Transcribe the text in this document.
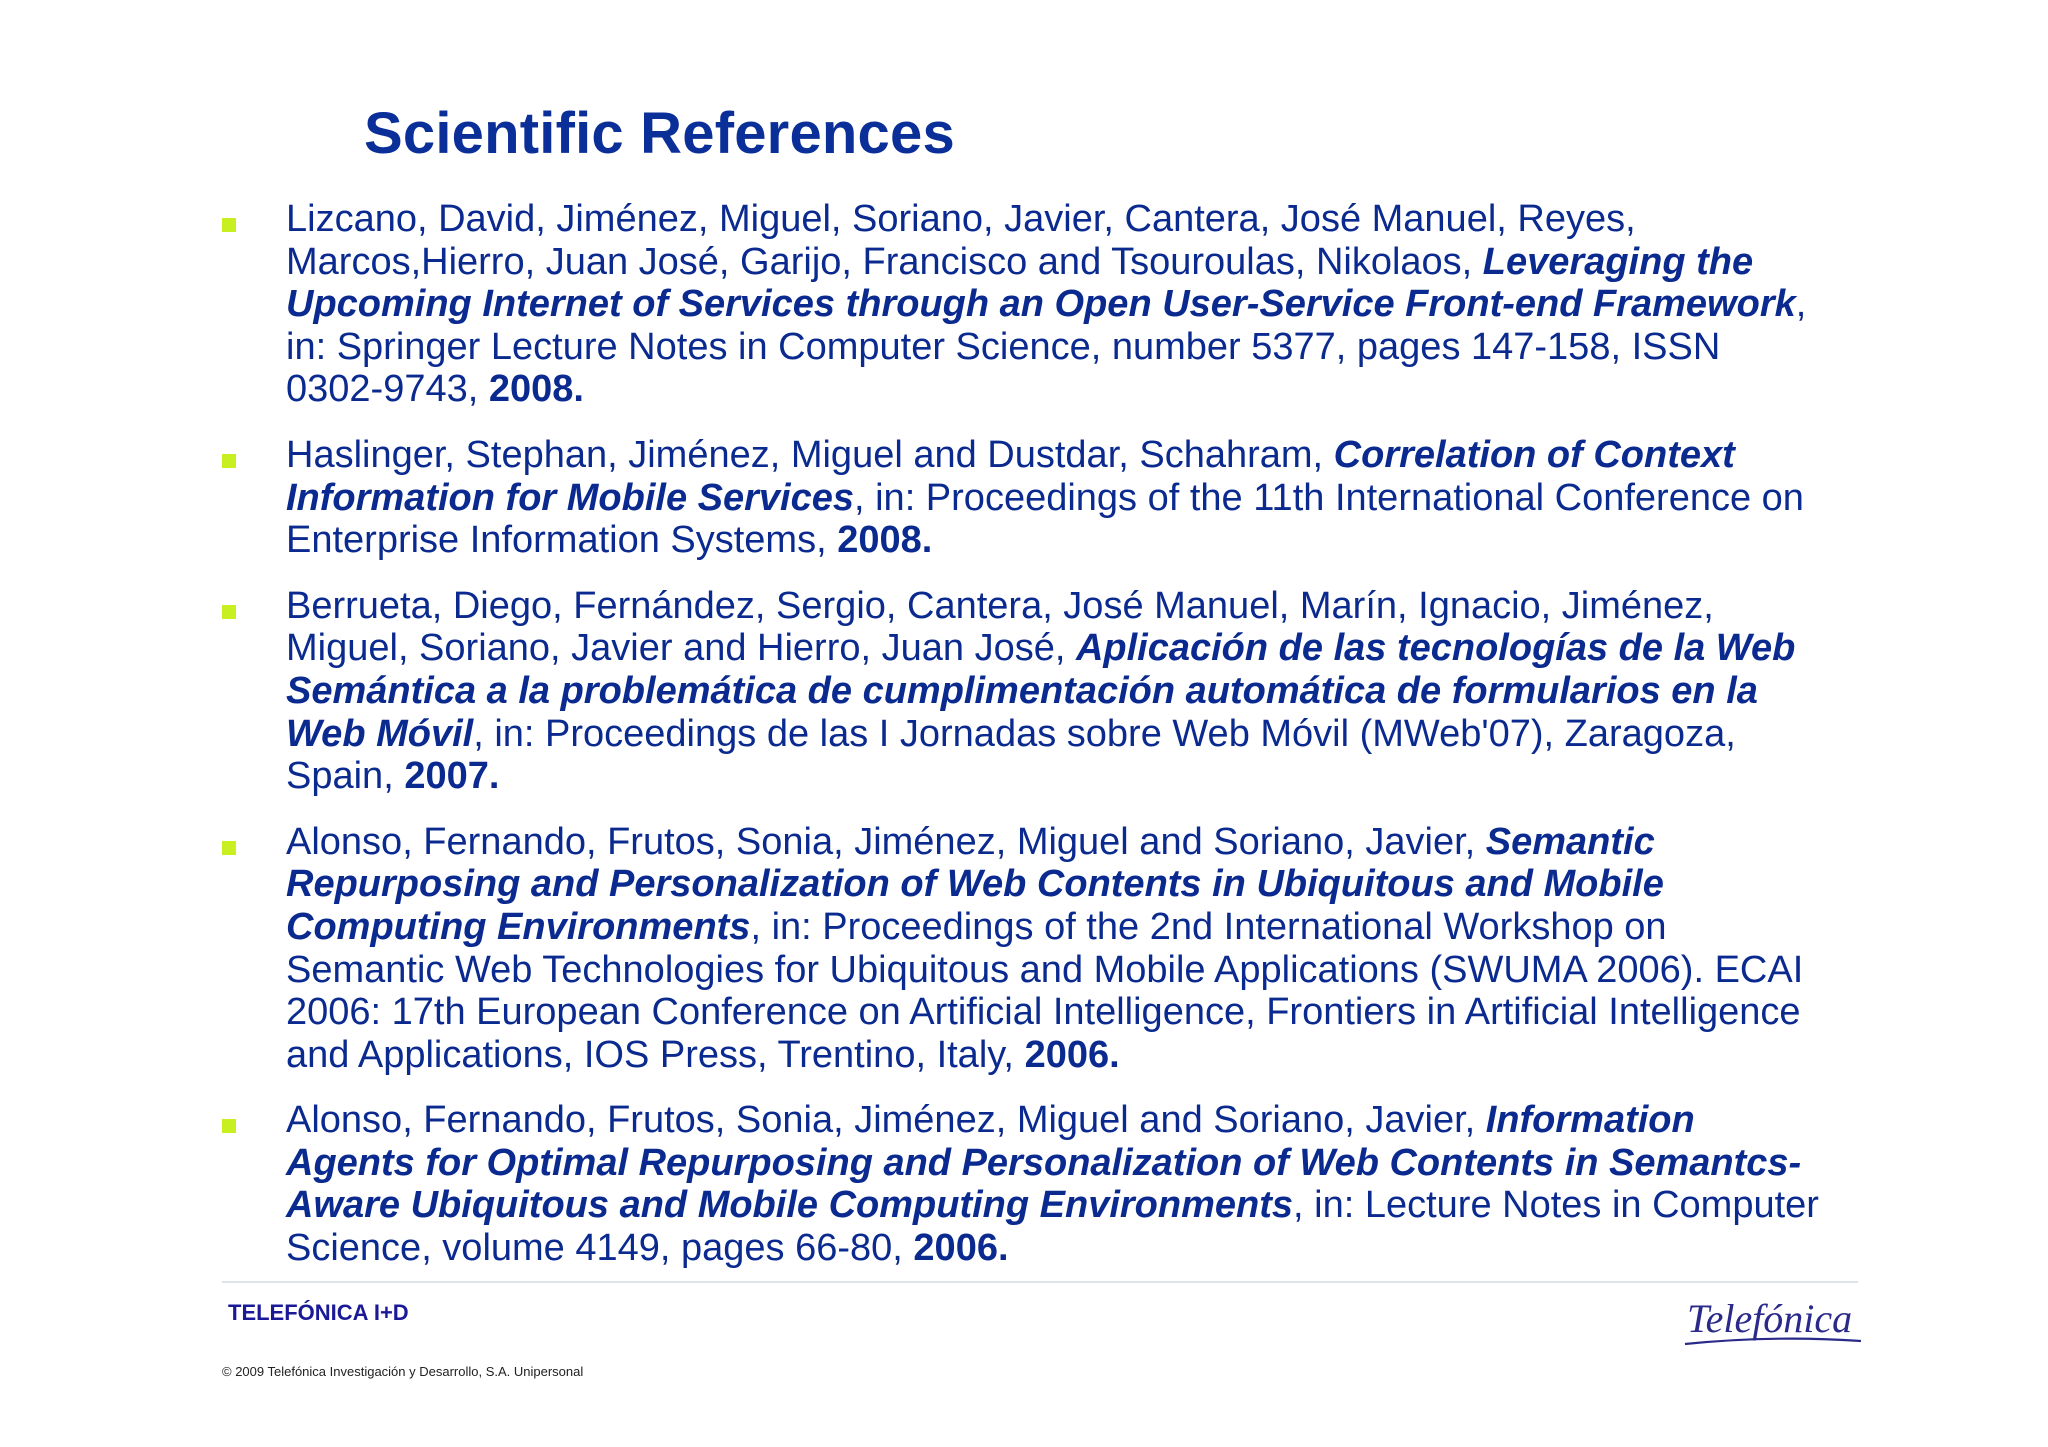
Scientific References
Lizcano, David, Jiménez, Miguel, Soriano, Javier, Cantera, José Manuel, Reyes, Marcos,Hierro, Juan José, Garijo, Francisco and Tsouroulas, Nikolaos, Leveraging the Upcoming Internet of Services through an Open User-Service Front-end Framework, in: Springer Lecture Notes in Computer Science, number 5377, pages 147-158, ISSN 0302-9743, 2008.
Haslinger, Stephan, Jiménez, Miguel and Dustdar, Schahram, Correlation of Context Information for Mobile Services, in: Proceedings of the 11th International Conference on Enterprise Information Systems, 2008.
Berrueta, Diego, Fernández, Sergio, Cantera, José Manuel, Marín, Ignacio, Jiménez, Miguel, Soriano, Javier and Hierro, Juan José, Aplicación de las tecnologías de la Web Semántica a la problemática de cumplimentación automática de formularios en la Web Móvil, in: Proceedings de las I Jornadas sobre Web Móvil (MWeb'07), Zaragoza, Spain, 2007.
Alonso, Fernando, Frutos, Sonia, Jiménez, Miguel and Soriano, Javier, Semantic Repurposing and Personalization of Web Contents in Ubiquitous and Mobile Computing Environments, in: Proceedings of the 2nd International Workshop on Semantic Web Technologies for Ubiquitous and Mobile Applications (SWUMA 2006). ECAI 2006: 17th European Conference on Artificial Intelligence, Frontiers in Artificial Intelligence and Applications, IOS Press, Trentino, Italy, 2006.
Alonso, Fernando, Frutos, Sonia, Jiménez, Miguel and Soriano, Javier, Information Agents for Optimal Repurposing and Personalization of Web Contents in Semantcs-Aware Ubiquitous and Mobile Computing Environments, in: Lecture Notes in Computer Science, volume 4149, pages 66-80, 2006.
TELEFÓNICA I+D
© 2009 Telefónica Investigación y Desarrollo, S.A. Unipersonal
Telefónica
